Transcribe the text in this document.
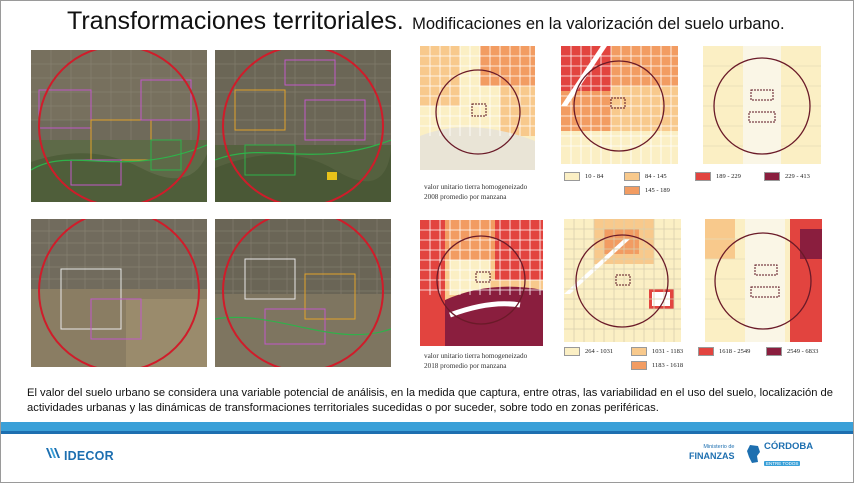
Transformaciones territoriales. Modificaciones en la valorización del suelo urbano.
valor unitario tierra homogeneizado
2008 promedio por manzana
10 - 84	84 - 145
145 - 189
189 - 229	229 - 413
valor unitario tierra homogeneizado
2018 promedio por manzana
264 - 1031	1031 - 1183
1183 - 1618
1618 - 2549	2549 - 6833
El valor del suelo urbano se considera una variable potencial de análisis, en la medida que captura, entre otras, las variabilidad en el uso del suelo, localización de actividades urbanas y las dinámicas de transformaciones territoriales sucedidas o por suceder, sobre todo en zonas periféricas.
IDECOR
Ministerio de
FINANZAS
CÓRDOBA
ENTRE TODOS
